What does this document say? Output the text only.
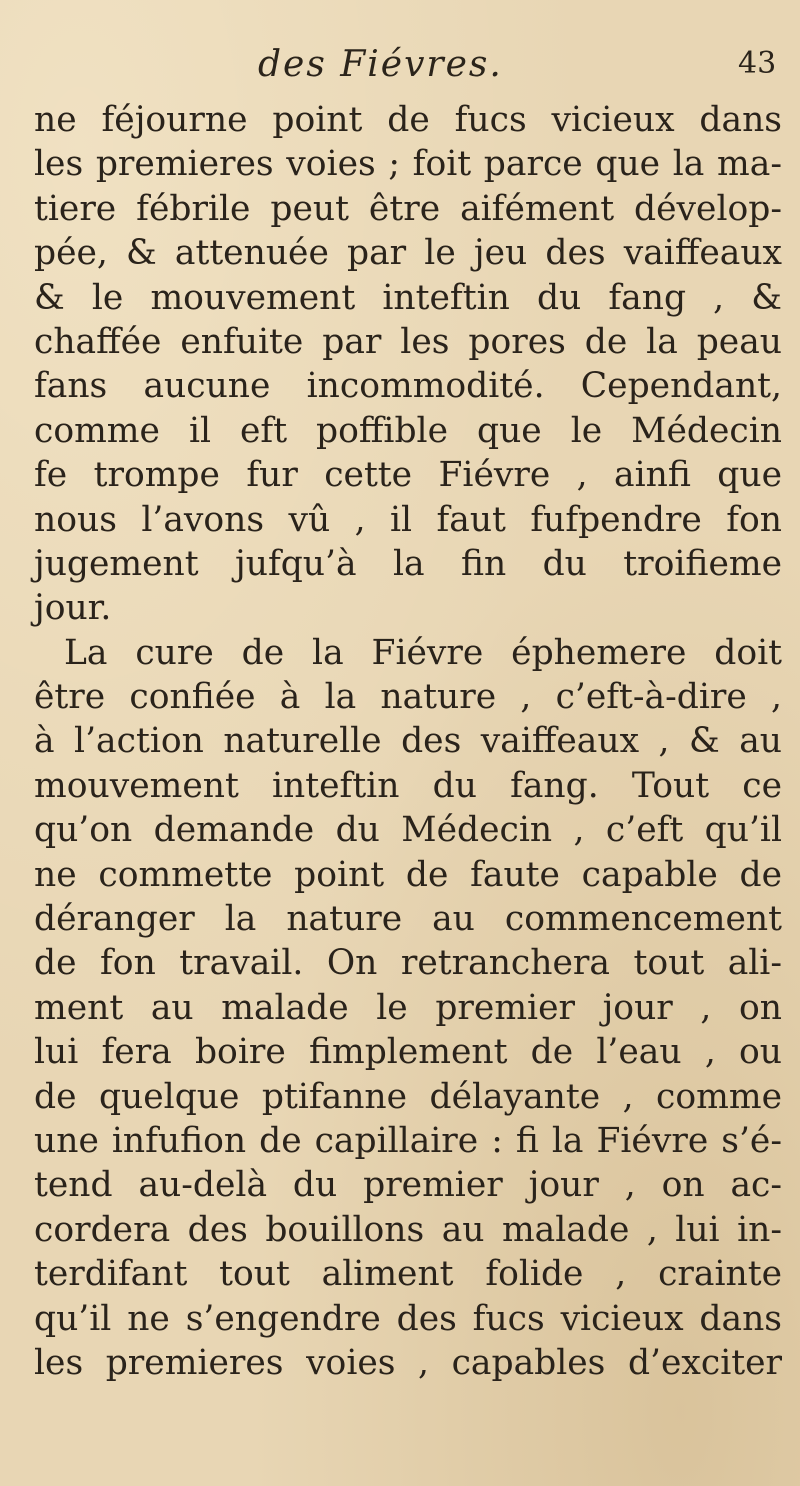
des Fiévres.	43
ne féjourne point de fucs vicieux dans
les premieres voies ; foit parce que la ma-
tiere fébrile peut être aifément dévelop-
pée, & attenuée par le jeu des vaiffeaux
& le mouvement inteftin du fang , &
chaffée enfuite par les pores de la peau
fans aucune incommodité. Cependant,
comme il eft poffible que le Médecin
fe trompe fur cette Fiévre , ainfi que
nous l’avons vû , il faut fufpendre fon
jugement jufqu’à la fin du troifieme
jour.
La cure de la Fiévre éphemere doit
être confiée à la nature , c’eft-à-dire ,
à l’action naturelle des vaiffeaux , & au
mouvement inteftin du fang. Tout ce
qu’on demande du Médecin , c’eft qu’il
ne commette point de faute capable de
déranger la nature au commencement
de fon travail. On retranchera tout ali-
ment au malade le premier jour , on
lui fera boire fimplement de l’eau , ou
de quelque ptifanne délayante , comme
une infufion de capillaire : fi la Fiévre s’é-
tend au-delà du premier jour , on ac-
cordera des bouillons au malade , lui in-
terdifant tout aliment folide , crainte
qu’il ne s’engendre des fucs vicieux dans
les premieres voies , capables d’exciter
